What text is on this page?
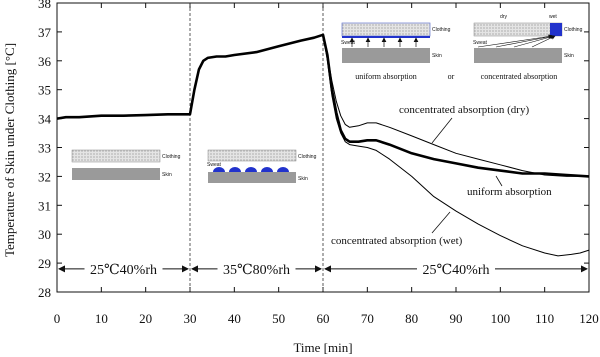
28
29
30
31
32
33
34
35
36
37
38
0	10 20 30 40 50 60 70 80 90 100 110 120
Time [min]
Temperature of Skin under Clothing [°C]	Clothing
Skin
Sweat
Clothing
Skin
Sweat
Clothing
Skin
dry	wet
Sweat
Clothing
Skin
uniform absorption	or	concentrated absorption
concentrated absorption (dry)
uniform absorption
concentrated absorption (wet)
25℃40%rh	35℃80%rh	25℃40%rh
